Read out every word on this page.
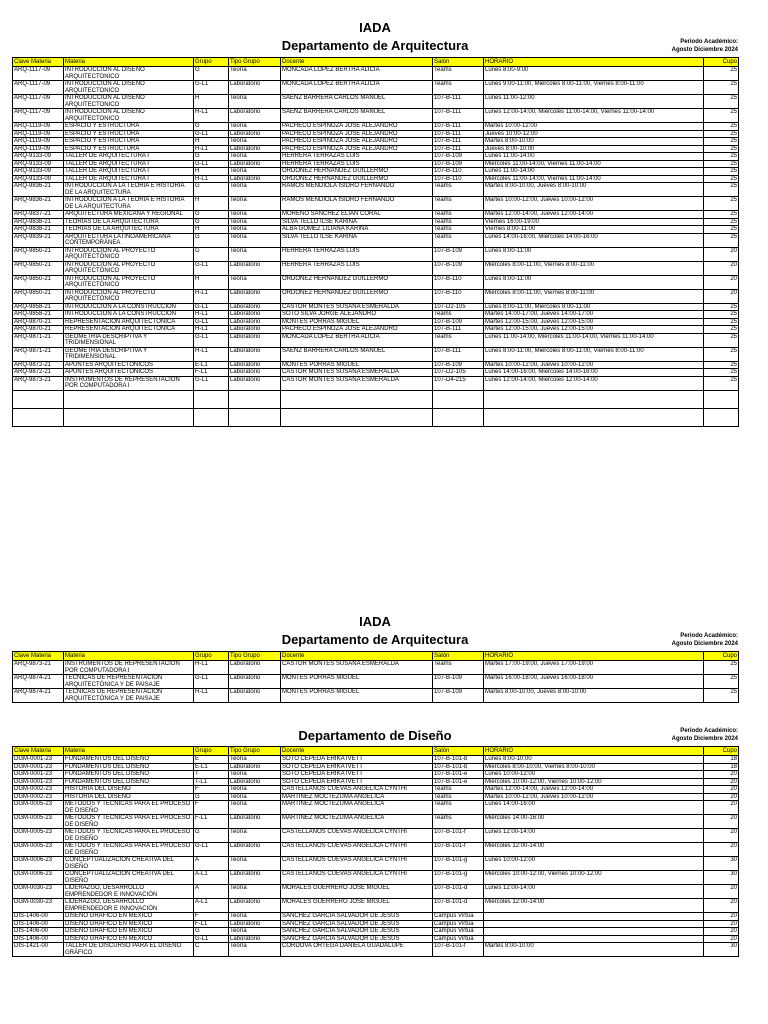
IADA
Departamento de Arquitectura	Periodo Académico:
Agosto Diciembre 2024
Clave Materia	Materia	Grupo	Tipo Grupo	Docente	Salón	HORARIO	Cupo
ARQ-1117-09	INTRODUCCION AL DISEÑO ARQUITECTONICO	G	Teoría	MONCADA LOPEZ BERTHA ALICIA	Teams	Lunes 8:00-9:00	25
ARQ-1117-09	INTRODUCCION AL DISEÑO ARQUITECTONICO	G-L1	Laboratorio	MONCADA LOPEZ BERTHA ALICIA	Teams	Lunes 9:00-11:00, Miércoles 8:00-11:00, Viernes 8:00-11:00	25
ARQ-1117-09	INTRODUCCION AL DISEÑO ARQUITECTONICO	H	Teoría	SAENZ BARRERA CARLOS MANUEL	107-B-111	Lunes 11:00-12:00	25
ARQ-1117-09	INTRODUCCION AL DISEÑO ARQUITECTONICO	H-L1	Laboratorio	SAENZ BARRERA CARLOS MANUEL	107-B-111	Lunes 12:00-14:00, Miércoles 11:00-14:00, Viernes 11:00-14:00	25
ARQ-1119-09	ESPACIO Y ESTRUCTURA	G	Teoría	PACHECO ESPINOZA JOSE ALEJANDRO	107-B-111	Martes 10:00-12:00	25
ARQ-1119-09	ESPACIO Y ESTRUCTURA	G-L1	Laboratorio	PACHECO ESPINOZA JOSE ALEJANDRO	107-B-111	Jueves 10:00-12:00	25
ARQ-1119-09	ESPACIO Y ESTRUCTURA	H	Teoría	PACHECO ESPINOZA JOSE ALEJANDRO	107-B-111	Martes 8:00-10:00	25
ARQ-1119-09	ESPACIO Y ESTRUCTURA	H-L1	Laboratorio	PACHECO ESPINOZA JOSE ALEJANDRO	107-B-111	Jueves 8:00-10:00	25
ARQ-9133-09	TALLER DE ARQUITECTURA I	G	Teoría	HERRERA TERRAZAS LUIS	107-B-109	Lunes 11:00-14:00	25
ARQ-9133-09	TALLER DE ARQUITECTURA I	G-L1	Laboratorio	HERRERA TERRAZAS LUIS	107-B-109	Miércoles 11:00-14:00, Viernes 11:00-14:00	25
ARQ-9133-09	TALLER DE ARQUITECTURA I	H	Teoría	ORDOÑEZ HERNANDEZ GUILLERMO	107-B-110	Lunes 11:00-14:00	25
ARQ-9133-09	TALLER DE ARQUITECTURA I	H-L1	Laboratorio	ORDOÑEZ HERNANDEZ GUILLERMO	107-B-110	Miércoles 11:00-14:00, Viernes 11:00-14:00	25
ARQ-9836-21	INTRODUCCIÓN A LA TEORÍA E HISTORIA DE LA ARQUITECTURA	G	Teoría	RAMOS MENDIOLA ISIDRO FERNANDO	Teams	Martes 8:00-10:00, Jueves 8:00-10:00	25
ARQ-9836-21	INTRODUCCIÓN A LA TEORÍA E HISTORIA DE LA ARQUITECTURA	H	Teoría	RAMOS MENDIOLA ISIDRO FERNANDO	Teams	Martes 10:00-12:00, Jueves 10:00-12:00	25
ARQ-9837-21	ARQUITECTURA MEXICANA Y REGIONAL	G	Teoría	MORENO SANCHEZ ELIAN CORAL	Teams	Martes 12:00-14:00, Jueves 12:00-14:00	25
ARQ-9838-21	TEORÍAS DE LA ARQUITECTURA	G	Teoría	SILVA TELLO ILSE KARINA	Teams	Viernes 16:00-19:00	25
ARQ-9838-21	TEORÍAS DE LA ARQUITECTURA	H	Teoría	ALBA GOMEZ LILIANA KARINA	Teams	Viernes 8:00-11:00	25
ARQ-9839-21	ARQUITECTURA LATINOAMERICANA CONTEMPORÁNEA	G	Teoría	SILVA TELLO ILSE KARINA	Teams	Lunes 14:00-16:00, Miércoles 14:00-16:00	25
ARQ-9850-21	INTRODUCCIÓN AL PROYECTO ARQUITECTÓNICO	G	Teoría	HERRERA TERRAZAS LUIS	107-B-109	Lunes 8:00-11:00	20
ARQ-9850-21	INTRODUCCIÓN AL PROYECTO ARQUITECTÓNICO	G-L1	Laboratorio	HERRERA TERRAZAS LUIS	107-B-109	Miércoles 8:00-11:00, Viernes 8:00-11:00	20
ARQ-9850-21	INTRODUCCIÓN AL PROYECTO ARQUITECTÓNICO	H	Teoría	ORDOÑEZ HERNANDEZ GUILLERMO	107-B-110	Lunes 8:00-11:00	20
ARQ-9850-21	INTRODUCCIÓN AL PROYECTO ARQUITECTÓNICO	H-L1	Laboratorio	ORDOÑEZ HERNANDEZ GUILLERMO	107-B-110	Miércoles 8:00-11:00, Viernes 8:00-11:00	20
ARQ-9858-21	INTRODUCCIÓN A LA CONSTRUCCIÓN	G-L1	Laboratorio	CASTOR MONTES SUSANA ESMERALDA	107-D2-105	Lunes 8:00-11:00, Miércoles 8:00-11:00	25
ARQ-9858-21	INTRODUCCIÓN A LA CONSTRUCCIÓN	H-L1	Laboratorio	SOTO SILVA JORGE ALEJANDRO	Teams	Martes 14:00-17:00, Jueves 14:00-17:00	25
ARQ-9870-21	REPRESENTACIÓN ARQUITECTÓNICA	G-L1	Laboratorio	MONTES PORRAS MIGUEL	107-B-109	Martes 12:00-15:00, Jueves 12:00-15:00	25
ARQ-9870-21	REPRESENTACIÓN ARQUITECTÓNICA	H-L1	Laboratorio	PACHECO ESPINOZA JOSE ALEJANDRO	107-B-111	Martes 12:00-15:00, Jueves 12:00-15:00	25
ARQ-9871-21	GEOMETRÍA DESCRIPTIVA Y TRIDIMENSIONAL	G-L1	Laboratorio	MONCADA LOPEZ BERTHA ALICIA	Teams	Lunes 11:00-14:00, Miércoles 11:00-14:00, Viernes 11:00-14:00	25
ARQ-9871-21	GEOMETRÍA DESCRIPTIVA Y TRIDIMENSIONAL	H-L1	Laboratorio	SAENZ BARRERA CARLOS MANUEL	107-B-111	Lunes 8:00-11:00, Miércoles 8:00-11:00, Viernes 8:00-11:00	25
ARQ-9872-21	APUNTES ARQUITECTÓNICOS	E-L1	Laboratorio	MONTES PORRAS MIGUEL	107-B-109	Martes 10:00-12:00, Jueves 10:00-12:00	25
ARQ-9872-21	APUNTES ARQUITECTÓNICOS	F-L1	Laboratorio	CASTOR MONTES SUSANA ESMERALDA	107-D2-105	Lunes 14:00-16:00, Miércoles 14:00-16:00	25
ARQ-9873-21	INSTRUMENTOS DE REPRESENTACIÓN POR COMPUTADORA I	G-L1	Laboratorio	CASTOR MONTES SUSANA ESMERALDA	107-D4-215	Lunes 12:00-14:00, Miércoles 12:00-14:00	25

IADA
Departamento de Arquitectura	Periodo Académico:
Agosto Diciembre 2024
Clave Materia	Materia	Grupo	Tipo Grupo	Docente	Salón	HORARIO	Cupo
ARQ-9873-21	INSTRUMENTOS DE REPRESENTACIÓN POR COMPUTADORA I	H-L1	Laboratorio	CASTOR MONTES SUSANA ESMERALDA	Teams	Martes 17:00-19:00, Jueves 17:00-19:00	25
ARQ-9874-21	TÉCNICAS DE REPRESENTACIÓN ARQUITECTÓNICA Y DE PAISAJE	G-L1	Laboratorio	MONTES PORRAS MIGUEL	107-B-109	Martes 16:00-18:00, Jueves 16:00-18:00	25
ARQ-9874-21	TÉCNICAS DE REPRESENTACIÓN ARQUITECTÓNICA Y DE PAISAJE	H-L1	Laboratorio	MONTES PORRAS MIGUEL	107-B-109	Martes 8:00-10:00, Jueves 8:00-10:00	25
Departamento de Diseño	Periodo Académico:
Agosto Diciembre 2024
Clave Materia	Materia	Grupo	Tipo Grupo	Docente	Salón	HORARIO	Cupo
DGM-0001-23	FUNDAMENTOS DEL DISEÑO	E	Teoría	SOTO CEPEDA ERIKA IVETT	107-B-101-b	Lunes 8:00-10:00	18
DGM-0001-23	FUNDAMENTOS DEL DISEÑO	E-L1	Laboratorio	SOTO CEPEDA ERIKA IVETT	107-B-101-b	Miércoles 8:00-10:00, Viernes 8:00-10:00	18
DGM-0001-23	FUNDAMENTOS DEL DISEÑO	T	Teoría	SOTO CEPEDA ERIKA IVETT	107-B-101-e	Lunes 10:00-12:00	20
DGM-0001-23	FUNDAMENTOS DEL DISEÑO	T-L1	Laboratorio	SOTO CEPEDA ERIKA IVETT	107-B-101-e	Miércoles 10:00-12:00, Viernes 10:00-12:00	20
DGM-0002-23	HISTORIA DEL DISEÑO	F	Teoría	CASTELLANOS CUEVAS ANGELICA CYNTHI	Teams	Martes 12:00-14:00, Jueves 12:00-14:00	20
DGM-0002-23	HISTORIA DEL DISEÑO	G	Teoría	MARTINEZ MOCTEZUMA ANGELICA	Teams	Martes 10:00-12:00, Jueves 10:00-12:00	20
DGM-0005-23	MÉTODOS Y TÉCNICAS PARA EL PROCESO DE DISEÑO	F	Teoría	MARTINEZ MOCTEZUMA ANGELICA	Teams	Lunes 14:00-16:00	20
DGM-0005-23	MÉTODOS Y TÉCNICAS PARA EL PROCESO DE DISEÑO	F-L1	Laboratorio	MARTINEZ MOCTEZUMA ANGELICA	Teams	Miércoles 14:00-16:00	20
DGM-0005-23	MÉTODOS Y TÉCNICAS PARA EL PROCESO DE DISEÑO	G	Teoría	CASTELLANOS CUEVAS ANGELICA CYNTHI	107-B-101-f	Lunes 12:00-14:00	20
DGM-0005-23	MÉTODOS Y TÉCNICAS PARA EL PROCESO DE DISEÑO	G-L1	Laboratorio	CASTELLANOS CUEVAS ANGELICA CYNTHI	107-B-101-f	Miércoles 12:00-14:00	20
DGM-0006-23	CONCEPTUALIZACIÓN CREATIVA DEL DISEÑO	A	Teoría	CASTELLANOS CUEVAS ANGELICA CYNTHI	107-B-101-g	Lunes 10:00-12:00	30
DGM-0006-23	CONCEPTUALIZACIÓN CREATIVA DEL DISEÑO	A-L1	Laboratorio	CASTELLANOS CUEVAS ANGELICA CYNTHI	107-B-101-g	Miércoles 10:00-12:00, Viernes 10:00-12:00	30
DGM-0030-23	LIDERAZGO, DESARROLLO EMPRENDEDOR E INNOVACIÓN	A	Teoría	MORALES GUERRERO JOSE MIGUEL	107-B-101-d	Lunes 12:00-14:00	20
DGM-0030-23	LIDERAZGO, DESARROLLO EMPRENDEDOR E INNOVACIÓN	A-L1	Laboratorio	MORALES GUERRERO JOSE MIGUEL	107-B-101-d	Miércoles 12:00-14:00	20
DIS-1406-00	DISEÑO GRÁFICO EN MÉXICO	F	Teoría	SANCHEZ GARCIA SALVADOR DE JESUS	Campus Virtua		20
DIS-1406-00	DISEÑO GRÁFICO EN MÉXICO	F-L1	Laboratorio	SANCHEZ GARCIA SALVADOR DE JESUS	Campus Virtua		20
DIS-1406-00	DISEÑO GRÁFICO EN MÉXICO	G	Teoría	SANCHEZ GARCIA SALVADOR DE JESUS	Campus Virtua		20
DIS-1406-00	DISEÑO GRÁFICO EN MÉXICO	G-L1	Laboratorio	SANCHEZ GARCIA SALVADOR DE JESUS	Campus Virtua		20
DIS-1421-00	TALLER DE DISCURSO PARA EL DISEÑO GRÁFICO	C	Teoría	CORDOVA ORTEGA DANIELA GUADALUPE	107-B-101-f	Martes 8:00-10:00	30
